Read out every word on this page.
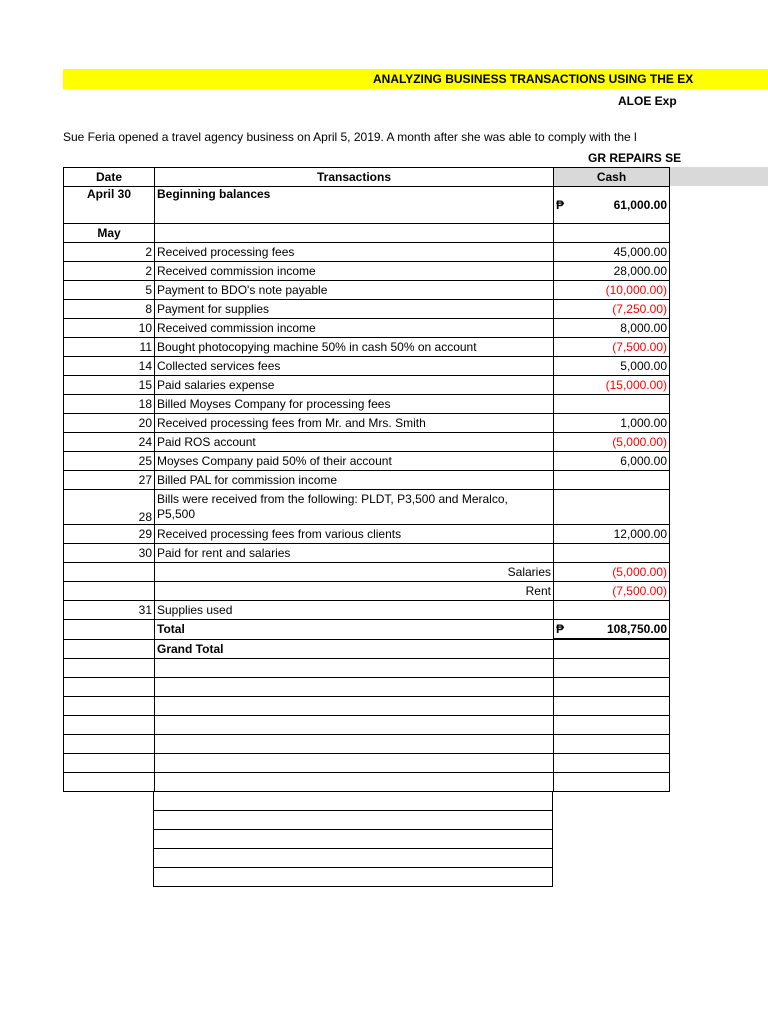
ANALYZING BUSINESS TRANSACTIONS USING THE EX
ALOE Exp
Sue Feria opened a travel agency business on April 5, 2019. A month after she was able to comply with the l
GR REPAIRS SE
Date	Transactions	Cash
April 30	Beginning balances	₱ 61,000.00
May		
2	Received processing fees	45,000.00
2	Received commission income	28,000.00
5	Payment to BDO's note payable	(10,000.00)
8	Payment for supplies	(7,250.00)
10	Received commission income	8,000.00
11	Bought photocopying machine 50% in cash 50% on account	(7,500.00)
14	Collected services fees	5,000.00
15	Paid salaries expense	(15,000.00)
18	Billed Moyses Company for processing fees	
20	Received processing fees from Mr. and Mrs. Smith	1,000.00
24	Paid ROS account	(5,000.00)
25	Moyses Company paid 50% of their account	6,000.00
27	Billed PAL for commission income	
28	Bills were received from the following: PLDT, P3,500 and Meralco,
P5,500	

29	Received processing fees from various clients	12,000.00
30	Paid for rent and salaries	
	Salaries	(5,000.00)
	Rent	(7,500.00)
31	Supplies used	
	Total	₱ 108,750.00
	Grand Total	
